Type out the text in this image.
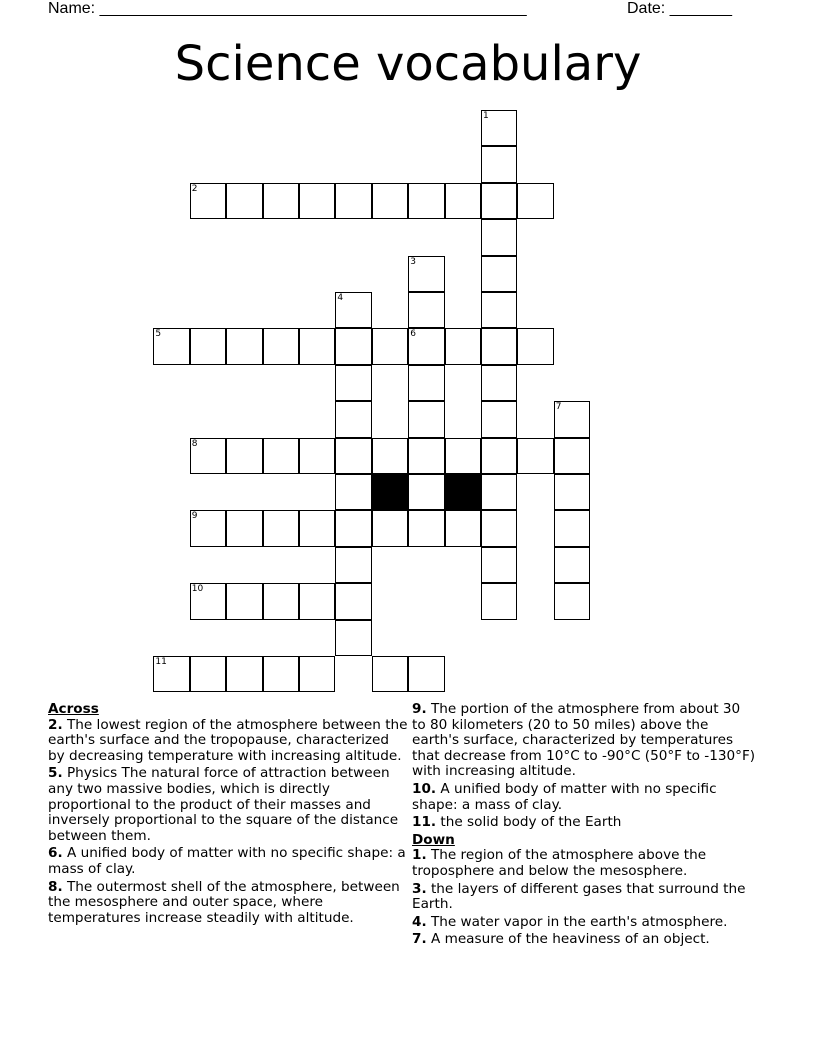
Name: ________________________________________________	Date: _______
Science vocabulary
1
2
3
6
4
5
7
8
9
10
11
Across
2. The lowest region of the atmosphere between the earth's surface and the tropopause, characterized by decreasing temperature with increasing altitude.
5. Physics The natural force of attraction between any two massive bodies, which is directly proportional to the product of their masses and inversely proportional to the square of the distance between them.
6. A unified body of matter with no specific shape: a mass of clay.
8. The outermost shell of the atmosphere, between the mesosphere and outer space, where temperatures increase steadily with altitude.
9. The portion of the atmosphere from about 30 to 80 kilometers (20 to 50 miles) above the earth's surface, characterized by temperatures that decrease from 10°C to -90°C (50°F to -130°F) with increasing altitude.
10. A unified body of matter with no specific shape: a mass of clay.
11. the solid body of the Earth
Down
1. The region of the atmosphere above the troposphere and below the mesosphere.
3. the layers of different gases that surround the Earth.
4. The water vapor in the earth's atmosphere.
7. A measure of the heaviness of an object.
